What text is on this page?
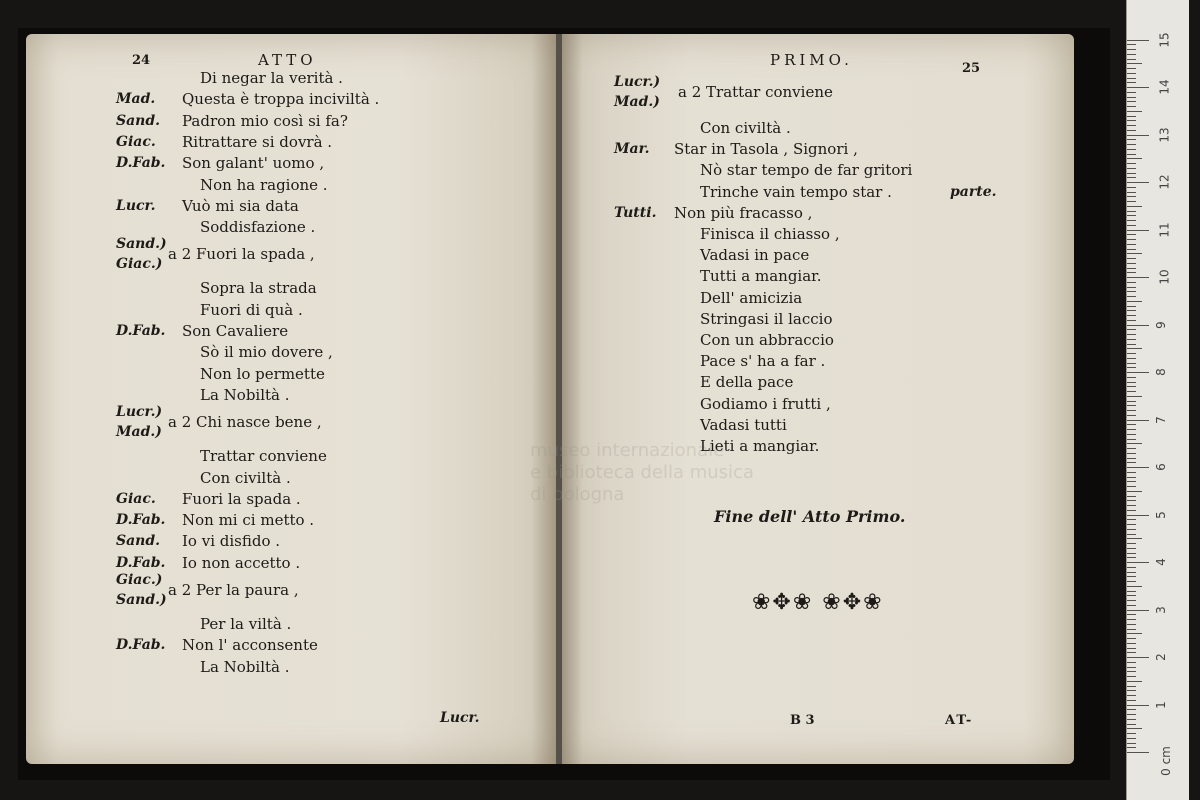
museo internazionale
e biblioteca della musica
di bologna
24	ATTO
Di negar la verità .
Mad. Questa è troppa inciviltà .
Sand. Padron mio così si fa?
Giac. Ritrattare si dovrà .
D.Fab. Son galant' uomo ,
Non ha ragione .
Lucr. Vuò mi sia data
Soddisfazione .
Sand.)
Giac.)
a 2 Fuori la spada ,
Sopra la strada
Fuori di quà .
D.Fab. Son Cavaliere
Sò il mio dovere ,
Non lo permette
La Nobiltà .
Lucr.)
Mad.)
a 2 Chi nasce bene ,
Trattar conviene
Con civiltà .
Giac. Fuori la spada .
D.Fab. Non mi ci metto .
Sand. Io vi disfido .
D.Fab. Io non accetto .
Giac.)
Sand.)
a 2 Per la paura ,
Per la viltà .
D.Fab. Non l' acconsente
La Nobiltà .
Lucr.
PRIMO.	25
Lucr.)
Mad.)
a 2 Trattar conviene
Con civiltà .
Mar. Star in Tasola , Signori ,
Nò star tempo de far gritori
Trinche vain tempo star .
Tutti. Non più fracasso ,
Finisca il chiasso ,
Vadasi in pace
Tutti a mangiar.
Dell' amicizia
Stringasi il laccio
Con un abbraccio
Pace s' ha a far .
E della pace
Godiamo i frutti ,
Vadasi tutti
Lieti a mangiar.
parte.
Fine dell' Atto Primo.
❀✥❀ ❀✥❀
B 3	AT-
0 cm
1
2
3
4
5
6
7
8
9
10
11
12
13
14
15
